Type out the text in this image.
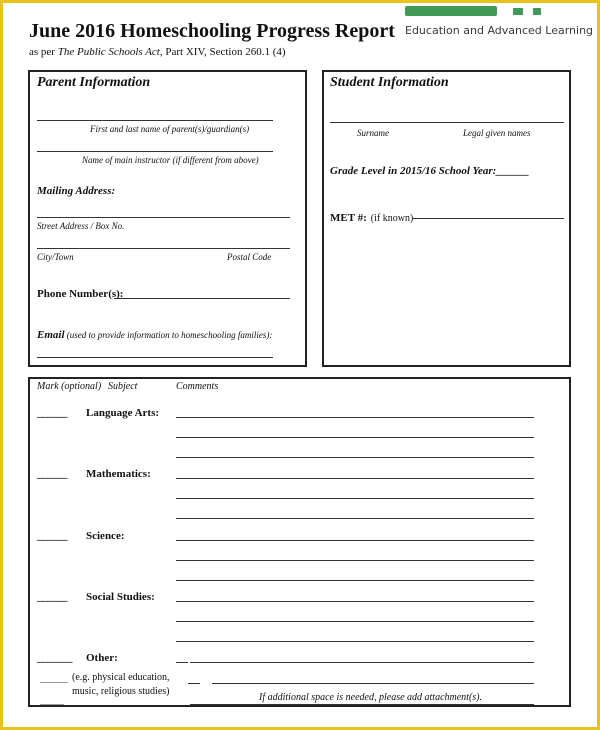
June 2016 Homeschooling Progress Report
as per The Public Schools Act, Part XIV, Section 260.1 (4)
Education and Advanced Learning
Parent Information
First and last name of parent(s)/guardian(s)
Name of main instructor (if different from above)
Mailing Address:
Street Address / Box No.
City/Town	Postal Code
Phone Number(s):
Email (used to provide information to homeschooling families):
Student Information
Surname	Legal given names
Grade Level in 2015/16 School Year:______
MET #: (if known)
Mark (optional) Subject	Comments
______ Language Arts:
______ Mathematics:
______ Science:
______ Social Studies:
_______ Other:
(e.g. physical education,
music, religious studies)
If additional space is needed, please add attachment(s).
